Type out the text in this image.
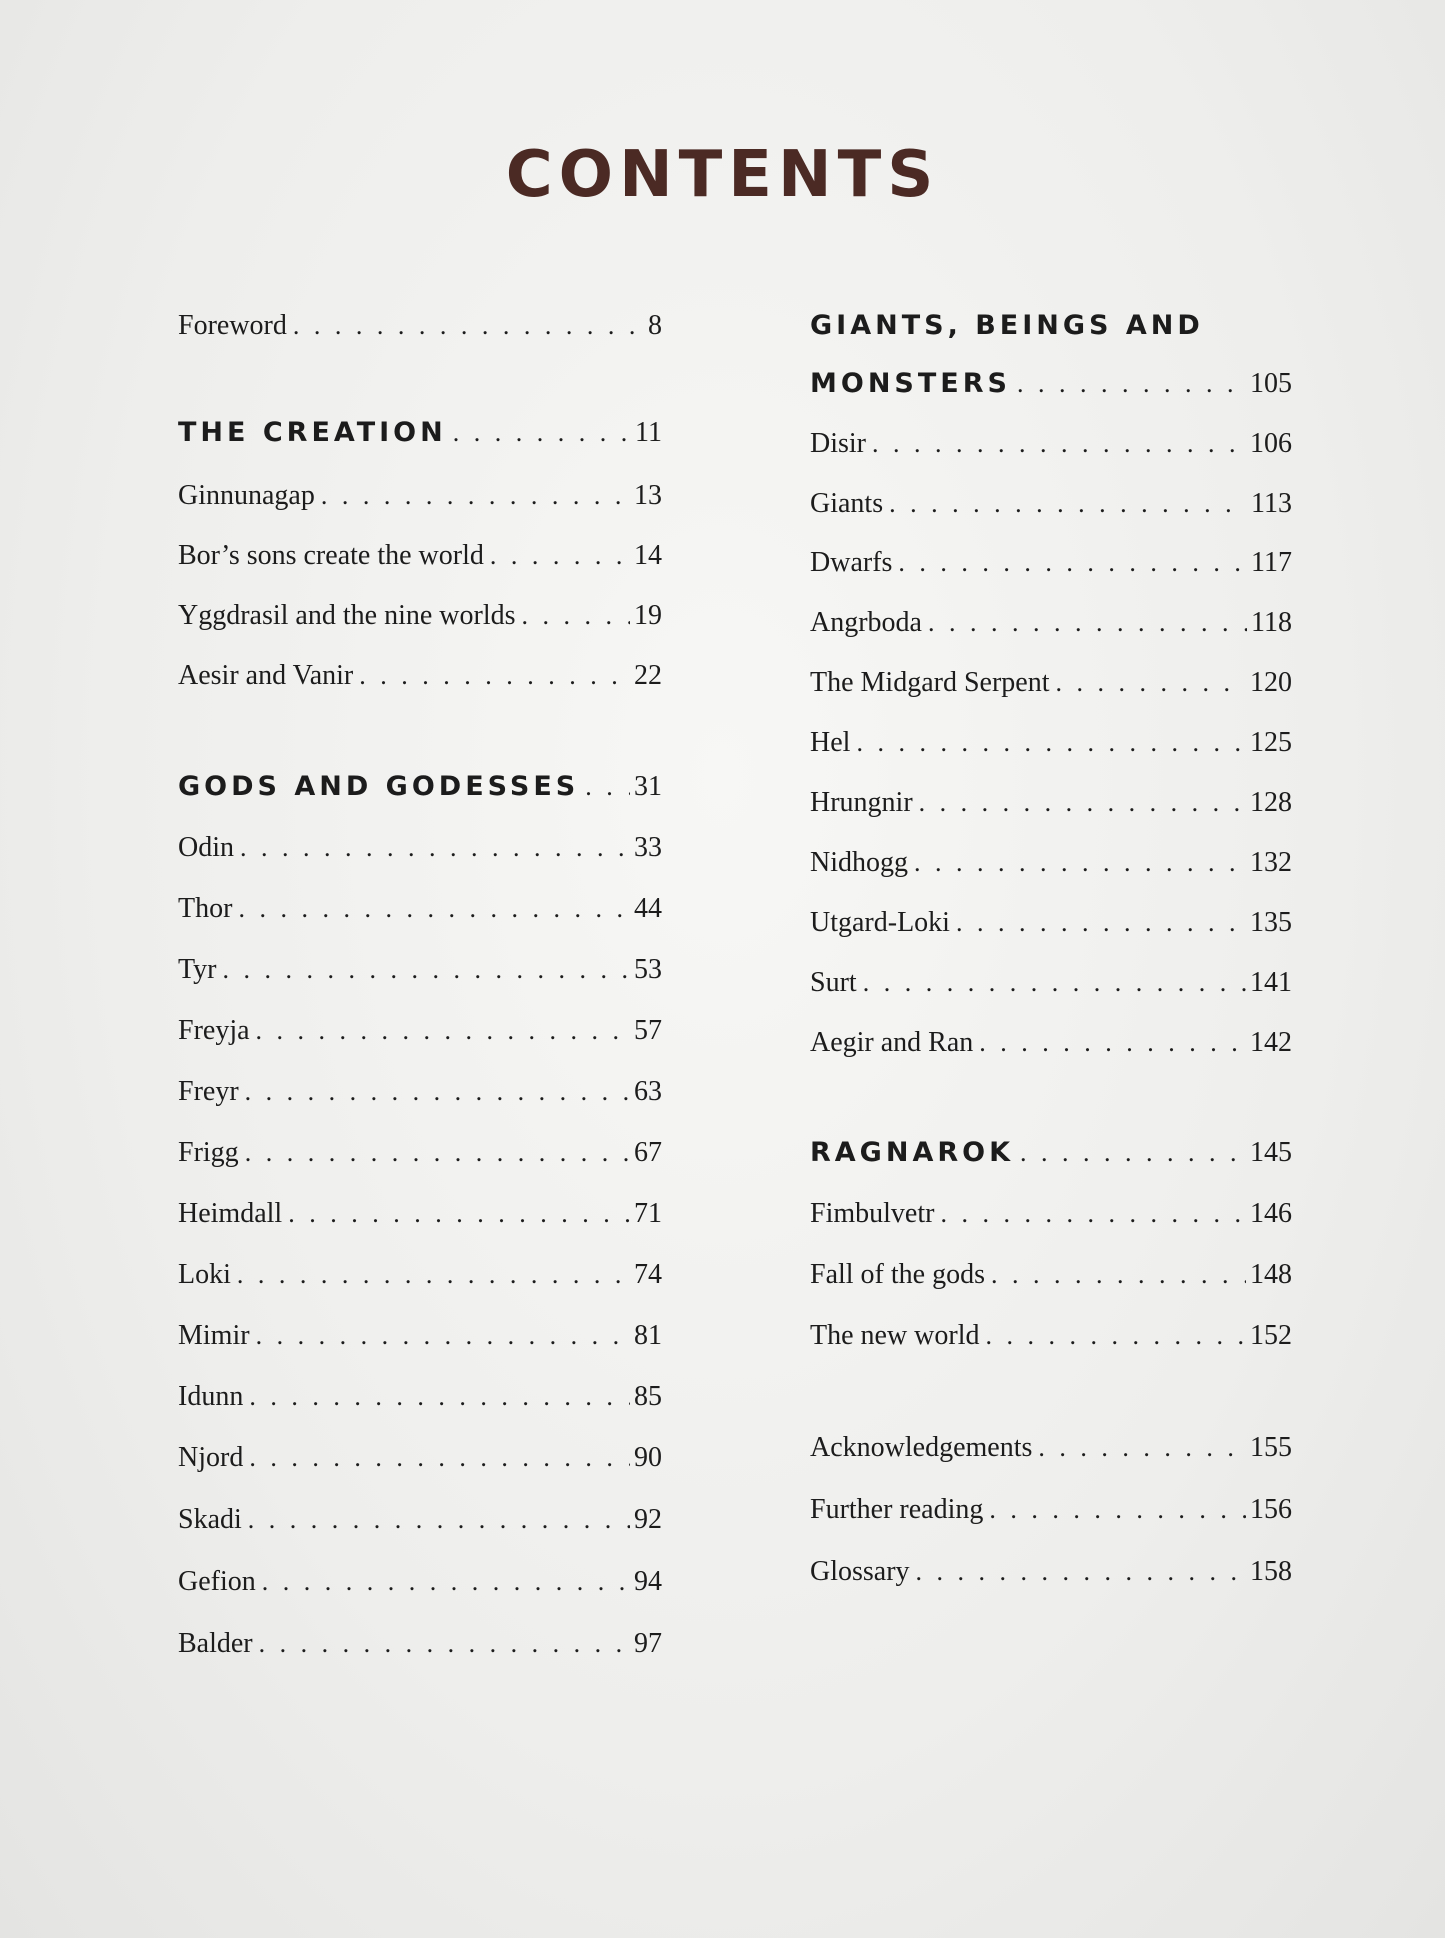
CONTENTS
Foreword . . .	8
THE CREATION . . .	11
Ginnunagap . . .	13
Bor’s sons create the world . . .	14
Yggdrasil and the nine worlds . . .	19
Aesir and Vanir . . .	22
GODS AND GODESSES . . . 31
Odin . . .	33
Thor . . .	44
Tyr . . .	53
Freyja . . .	57
Freyr . . .	63
Frigg . . .	67
Heimdall . . .	71
Loki . . .	74
Mimir . . .	81
Idunn . . .	85
Njord . . .	90
Skadi . . .	92
Gefion . . .	94
Balder . . .	97
GIANTS, BEINGS AND
MONSTERS . . .	105
Disir . . .	106
Giants . . .	113
Dwarfs . . .	117
Angrboda . . .	118
The Midgard Serpent . . .	120
Hel . . .	125
Hrungnir . . .	128
Nidhogg . . .	132
Utgard-Loki . . .	135
Surt . . .	141
Aegir and Ran . . .	142
RAGNAROK . . .	145
Fimbulvetr . . .	146
Fall of the gods . . .	148
The new world . . .	152
Acknowledgements . . .	155
Further reading . . .	156
Glossary . . .	158
